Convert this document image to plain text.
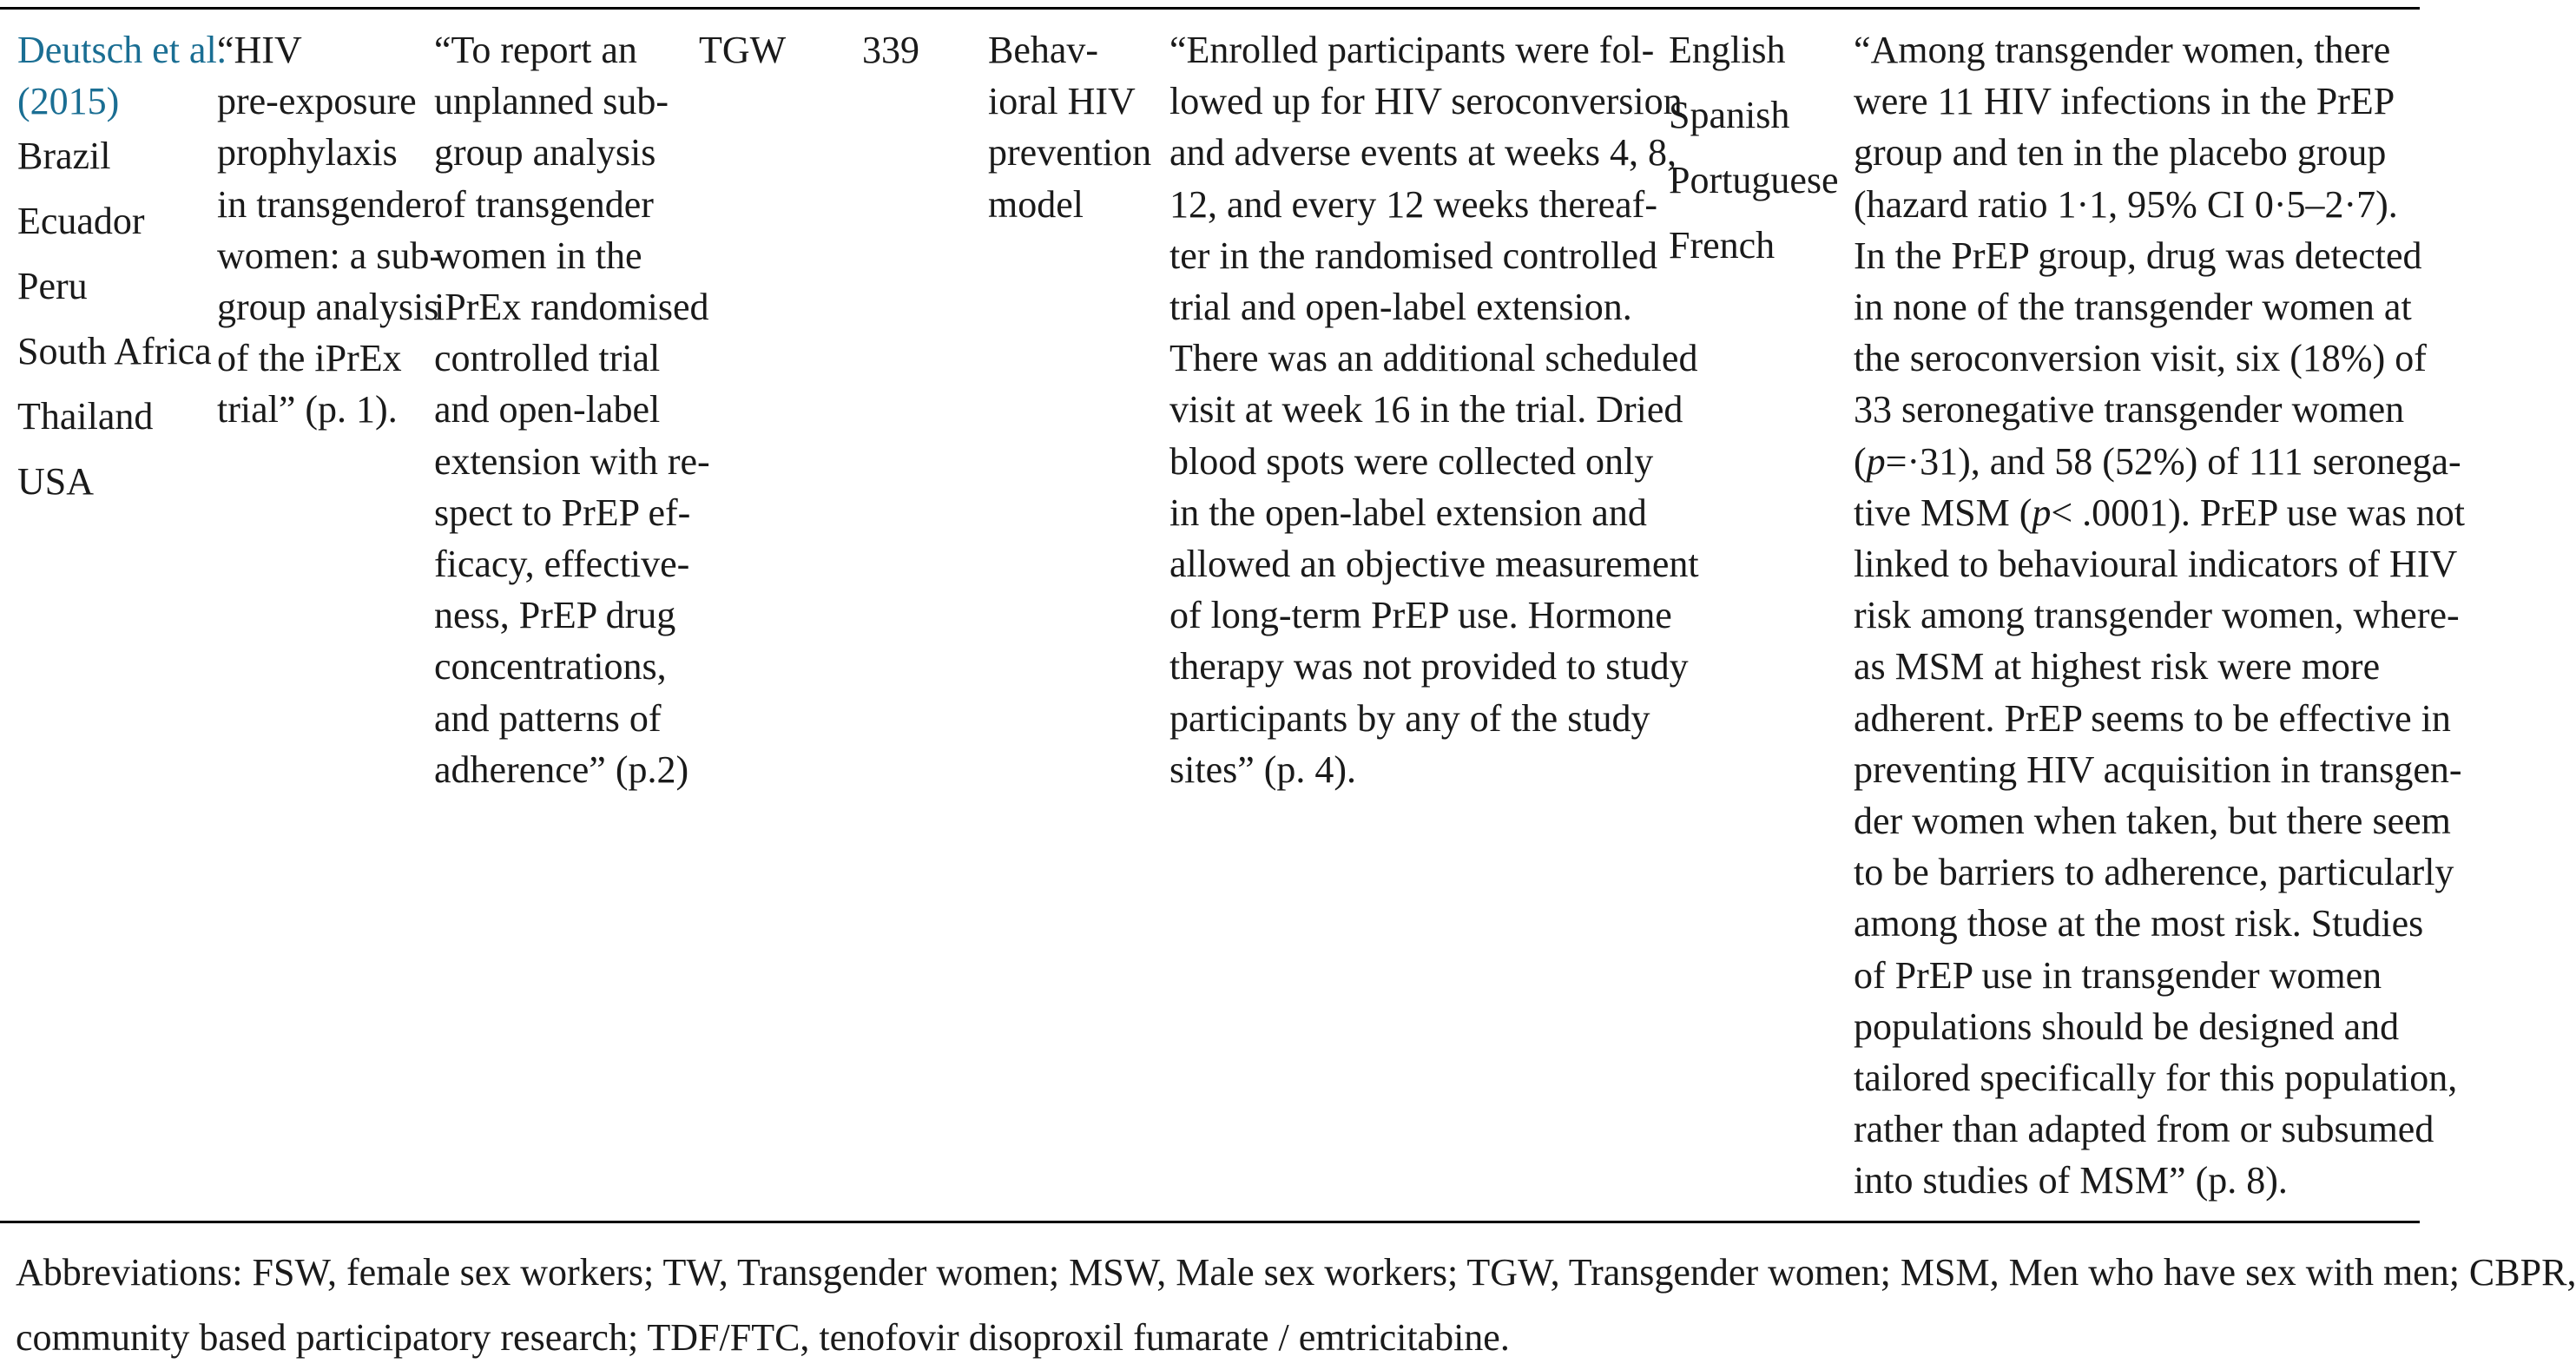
Deutsch et al.
(2015)
Brazil
Ecuador
Peru
South Africa
Thailand
USA
“HIV
pre-exposure
prophylaxis
in transgender
women: a sub-
group analysis
of the iPrEx
trial” (p. 1).
“To report an
unplanned sub-
group analysis
of transgender
women in the
iPrEx randomised
controlled trial
and open-label
extension with re-
spect to PrEP ef-
ficacy, effective-
ness, PrEP drug
concentrations,
and patterns of
adherence” (p.2)
TGW 339 Behav-
ioral HIV
prevention
model
“Enrolled participants were fol-
lowed up for HIV seroconversion
and adverse events at weeks 4, 8,
12, and every 12 weeks thereaf-
ter in the randomised controlled
trial and open-label extension.
There was an additional scheduled
visit at week 16 in the trial. Dried
blood spots were collected only
in the open-label extension and
allowed an objective measurement
of long-term PrEP use. Hormone
therapy was not provided to study
participants by any of the study
sites” (p. 4).
English
Spanish
Portuguese
French
“Among transgender women, there
were 11 HIV infections in the PrEP
group and ten in the placebo group
(hazard ratio 1·1, 95% CI 0·5–2·7).
In the PrEP group, drug was detected
in none of the transgender women at
the seroconversion visit, six (18%) of
33 seronegative transgender women
(p=·31), and 58 (52%) of 111 seronega-
tive MSM (p< .0001). PrEP use was not
linked to behavioural indicators of HIV
risk among transgender women, where-
as MSM at highest risk were more
adherent. PrEP seems to be effective in
preventing HIV acquisition in transgen-
der women when taken, but there seem
to be barriers to adherence, particularly
among those at the most risk. Studies
of PrEP use in transgender women
populations should be designed and
tailored specifically for this population,
rather than adapted from or subsumed
into studies of MSM” (p. 8).
Abbreviations: FSW, female sex workers; TW, Transgender women; MSW, Male sex workers; TGW, Transgender women; MSM, Men who have sex with men; CBPR,
community based participatory research; TDF/FTC, tenofovir disoproxil fumarate / emtricitabine.
